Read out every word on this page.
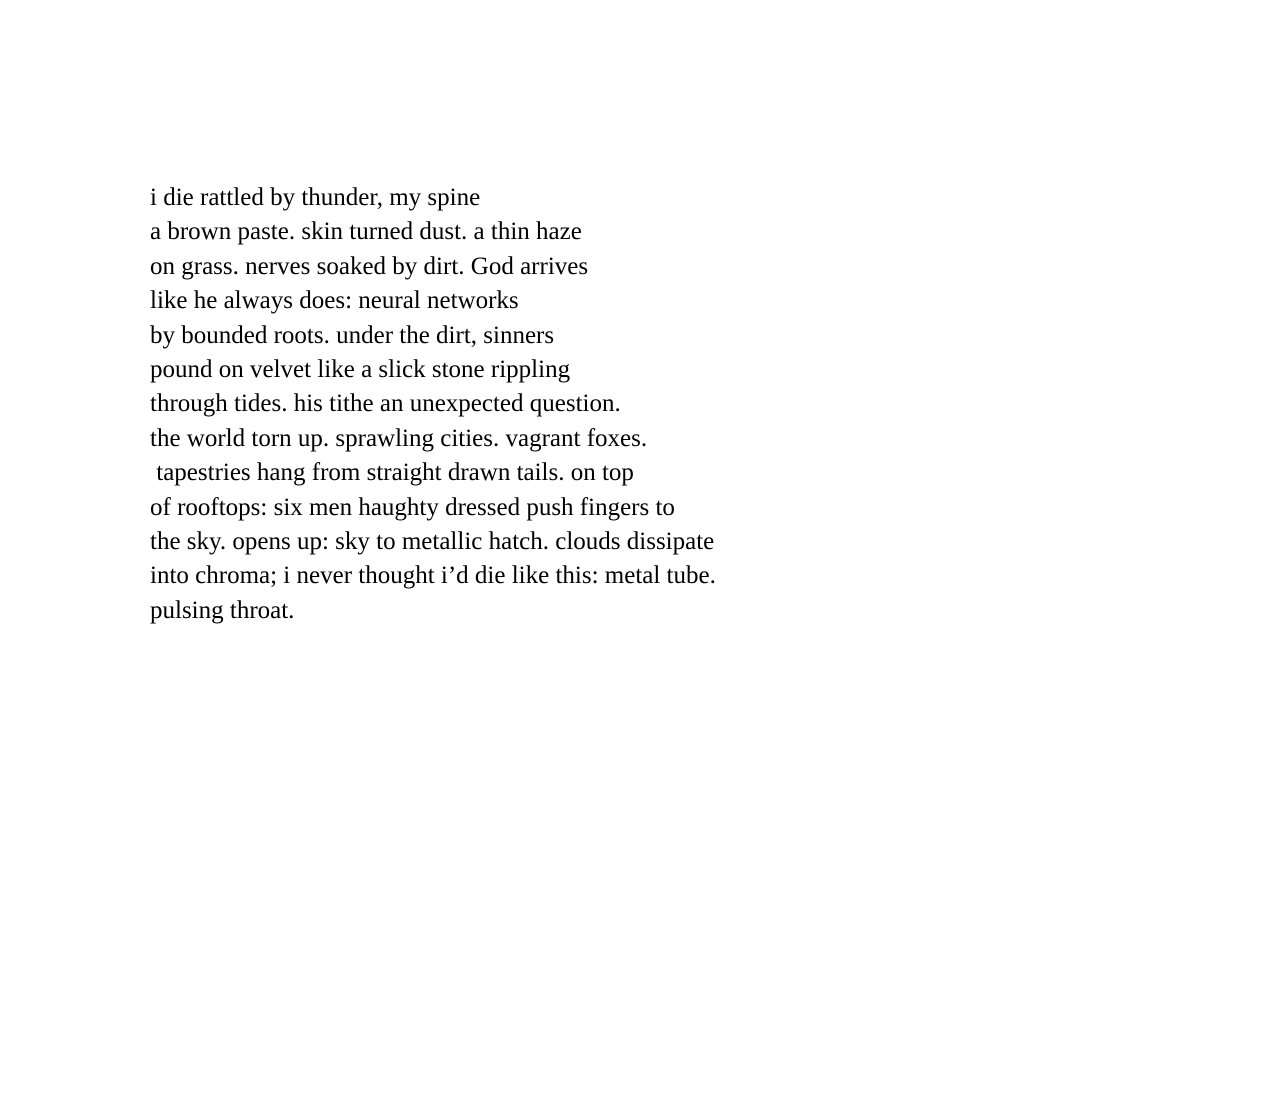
i die rattled by thunder, my spine
a brown paste. skin turned dust. a thin haze
on grass. nerves soaked by dirt. God arrives
like he always does: neural networks
by bounded roots. under the dirt, sinners
pound on velvet like a slick stone rippling
through tides. his tithe an unexpected question.
the world torn up. sprawling cities. vagrant foxes.
tapestries hang from straight drawn tails. on top
of rooftops: six men haughty dressed push fingers to
the sky. opens up: sky to metallic hatch. clouds dissipate
into chroma; i never thought i’d die like this: metal tube.
pulsing throat.
